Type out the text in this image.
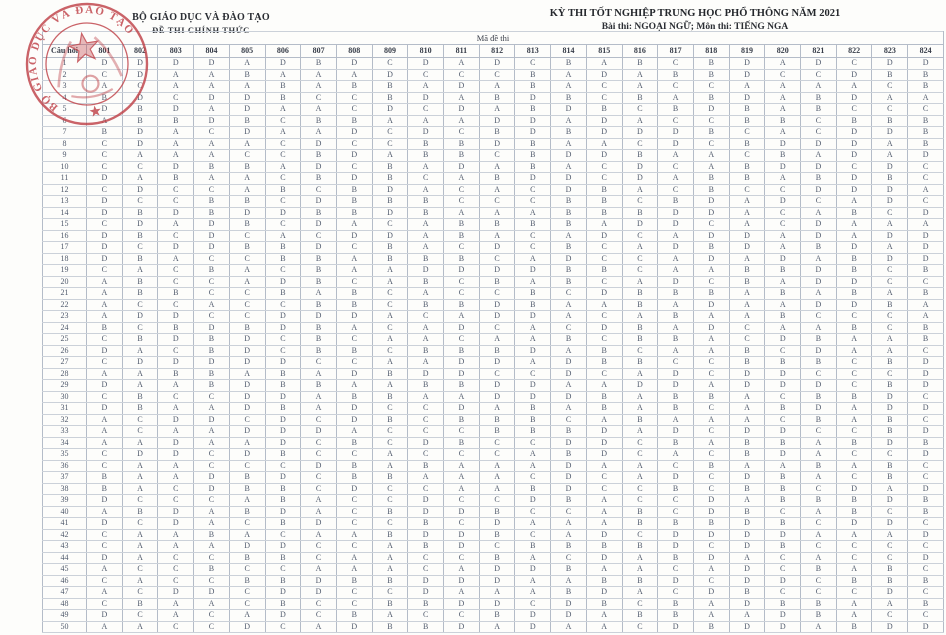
BỘ GIÁO DỤC VÀ ĐÀO TẠO
ĐỀ THI CHÍNH THỨC
KỲ THI TỐT NGHIỆP TRUNG HỌC PHỔ THÔNG NĂM 2021
Bài thi: NGOẠI NGỮ; Môn thi: TIẾNG NGA
Mã đề thi																								
Câu hỏi	801	802	803	804	805	806	807	808	809	810	811	812	813	814	815	816	817	818	819	820	821	822	823	824
1	D	D	D	D	A	D	B	D	C	D	A	D	C	B	A	B	C	B	D	A	D	C	D	D
2	C	D	A	A	B	A	A	A	D	C	C	C	B	A	D	A	B	B	D	C	C	D	B	B
3	A	C	A	A	A	B	A	B	B	A	D	A	B	A	C	A	C	C	A	A	A	A	C	B
4	B	D	C	D	D	B	C	C	B	D	A	B	D	B	C	B	A	B	D	A	B	D	A	A
5	D	B	D	A	D	A	A	C	D	C	D	A	B	D	B	C	B	D	B	A	B	C	C	C
6	A	B	B	D	B	C	B	B	A	A	A	D	D	A	D	A	C	C	B	B	C	B	B	B
7	B	D	A	C	D	A	A	D	C	D	C	B	D	B	D	D	D	B	C	A	C	D	D	B
8	C	D	A	A	A	C	D	C	C	B	B	D	B	A	A	C	D	C	B	D	D	D	A	B
9	C	A	A	A	C	C	B	D	A	B	B	C	B	D	D	B	A	A	C	B	A	D	A	D
10	C	C	D	B	B	A	D	C	B	A	D	A	B	A	C	D	C	A	B	D	D	C	D	C
11	D	A	B	A	A	C	B	D	B	C	A	B	D	D	C	D	A	B	B	A	B	D	B	C
12	C	D	C	C	A	B	C	B	D	A	C	A	C	D	B	A	C	B	C	C	D	D	D	A
13	D	C	C	B	B	C	D	B	B	B	C	C	C	B	B	C	B	D	A	D	C	A	D	C
14	D	B	D	B	D	D	B	B	D	B	A	A	A	B	B	B	D	D	A	C	A	B	C	D
15	C	D	A	D	B	C	D	A	C	A	B	B	B	B	A	D	D	C	A	C	D	A	A	A
16	D	B	C	D	C	A	C	D	D	A	B	A	C	A	D	C	A	D	D	A	D	A	D	D
17	D	C	D	D	B	B	D	C	B	A	C	D	C	B	C	A	D	B	D	A	B	D	A	D
18	D	B	A	C	C	B	B	A	B	B	B	C	A	D	C	C	A	D	A	D	A	B	D	D
19	C	A	C	B	A	C	B	A	A	D	D	D	D	B	B	C	A	A	B	B	D	B	C	B
20	A	B	C	C	A	D	B	C	A	B	C	B	A	B	C	A	D	C	B	A	D	D	C	C
21	A	B	B	C	C	B	A	B	C	A	C	C	B	C	D	B	B	B	A	B	A	B	A	B
22	A	C	C	A	C	C	B	B	C	B	B	D	B	A	A	B	A	D	A	A	D	D	B	A
23	A	D	D	C	C	D	D	D	A	C	A	D	D	A	C	A	B	A	A	B	C	C	C	A
24	B	C	B	D	B	D	B	A	C	A	D	C	A	C	D	B	A	D	C	A	A	B	C	B
25	C	B	D	B	D	C	B	C	A	A	C	A	A	B	C	B	B	A	C	D	B	A	A	B
26	D	A	C	B	D	C	B	B	C	B	B	B	D	A	B	C	A	A	B	C	D	A	A	C
27	C	D	D	D	D	D	C	C	A	A	D	D	A	D	B	B	C	C	B	B	B	C	B	D
28	A	A	B	B	A	B	A	D	B	D	D	C	C	D	C	A	D	C	D	D	C	C	C	D
29	D	A	A	B	D	B	B	A	A	B	B	D	D	A	A	D	D	A	D	D	D	C	B	D
30	C	B	C	C	D	D	A	B	B	A	A	D	D	D	B	A	B	B	A	C	B	B	D	C
31	D	B	A	A	D	B	A	D	C	C	D	A	B	A	B	A	B	C	A	B	D	A	D	D
32	A	C	D	D	C	D	C	D	B	C	B	B	B	C	A	B	A	A	A	C	B	A	B	C
33	A	C	A	A	D	D	D	A	C	C	C	B	B	B	D	A	D	C	D	D	C	C	B	D
34	A	A	D	A	A	D	C	B	C	D	B	C	C	D	D	C	B	A	B	B	A	B	D	B
35	C	D	D	C	D	B	C	C	A	C	C	C	A	B	D	C	A	C	B	D	A	C	C	D
36	C	A	A	C	C	C	D	B	A	B	A	A	A	D	A	A	C	B	A	A	B	A	B	C
37	B	A	A	D	B	D	C	B	B	A	A	A	C	D	C	A	D	C	D	B	A	C	B	C
38	B	A	C	D	B	B	C	D	C	C	A	A	B	D	C	C	B	C	B	B	C	D	A	D
39	D	C	C	C	A	B	A	C	C	D	C	C	D	B	A	C	C	D	A	B	B	B	D	B
40	A	B	D	A	B	D	A	C	B	D	D	B	C	C	A	B	C	D	B	C	A	B	C	B
41	D	C	D	A	C	B	D	C	C	B	C	D	A	A	A	B	B	B	D	B	C	D	D	C
42	C	A	A	B	A	C	A	A	B	D	D	B	C	A	D	C	D	D	D	D	A	A	A	D
43	C	A	A	A	D	D	C	C	A	B	D	C	B	B	B	B	D	C	D	B	C	C	C	C
44	D	A	C	C	B	B	C	A	A	C	C	B	A	C	D	A	B	D	A	C	A	C	C	D
45	A	C	C	B	C	C	A	A	A	C	A	D	D	B	A	A	C	A	D	C	B	A	B	C
46	C	A	C	C	B	B	D	B	B	D	D	D	A	A	B	B	D	C	D	D	C	B	B	B
47	A	C	D	D	C	D	D	C	C	D	A	A	A	B	D	A	C	D	B	C	C	C	D	C
48	C	B	A	A	C	B	C	C	B	B	D	D	C	D	B	C	B	A	D	B	B	A	A	B
49	D	C	A	C	A	D	C	B	A	C	C	B	D	D	A	B	B	A	A	D	B	A	C	C
50	A	A	C	C	D	C	A	D	B	B	D	A	D	A	A	C	D	B	D	D	A	B	D	D
BỘ GIÁO DỤC VÀ ĐÀO TẠO
